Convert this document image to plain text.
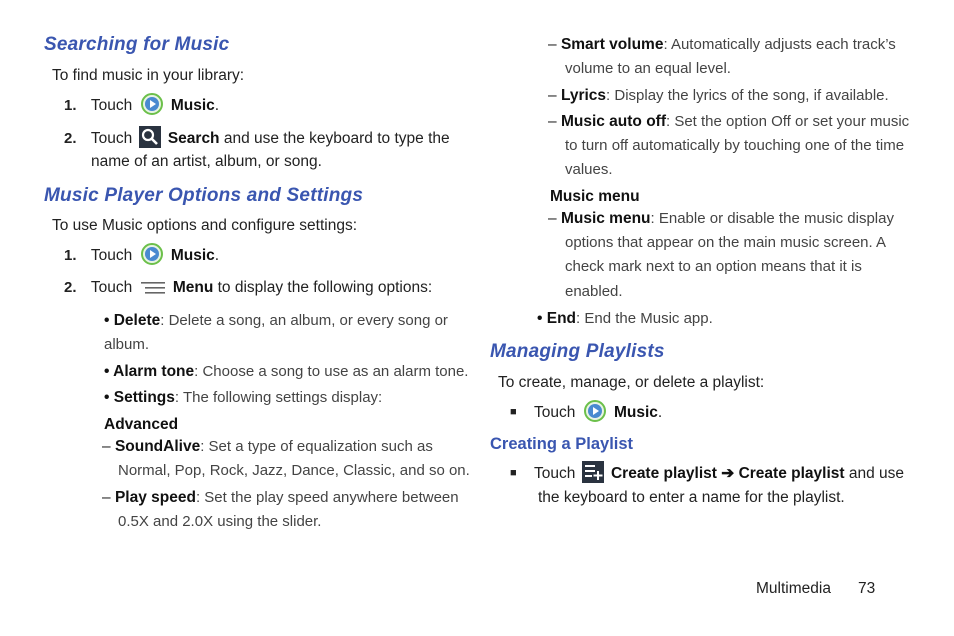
Searching for Music
To find music in your library:
1. Touch Music.
2. Touch Search and use the keyboard to type the
name of an artist, album, or song.
Music Player Options and Settings
To use Music options and configure settings:
1. Touch Music.
2. Touch	Menu to display the following options:
• Delete: Delete a song, an album, or every song or
album.
• Alarm tone: Choose a song to use as an alarm tone.
• Settings: The following settings display:
Advanced
– SoundAlive: Set a type of equalization such as
Normal, Pop, Rock, Jazz, Dance, Classic, and so on.
– Play speed: Set the play speed anywhere between
0.5X and 2.0X using the slider.
– Smart volume: Automatically adjusts each track’s
volume to an equal level.
– Lyrics: Display the lyrics of the song, if available.
– Music auto off: Set the option Off or set your music
to turn off automatically by touching one of the time
values.
Music menu
– Music menu: Enable or disable the music display
options that appear on the main music screen. A
check mark next to an option means that it is
enabled.
• End: End the Music app.
Managing Playlists
To create, manage, or delete a playlist:
■ Touch Music.
Creating a Playlist
■ Touch Create playlist ➔ Create playlist and use
the keyboard to enter a name for the playlist.
Multimedia 73
